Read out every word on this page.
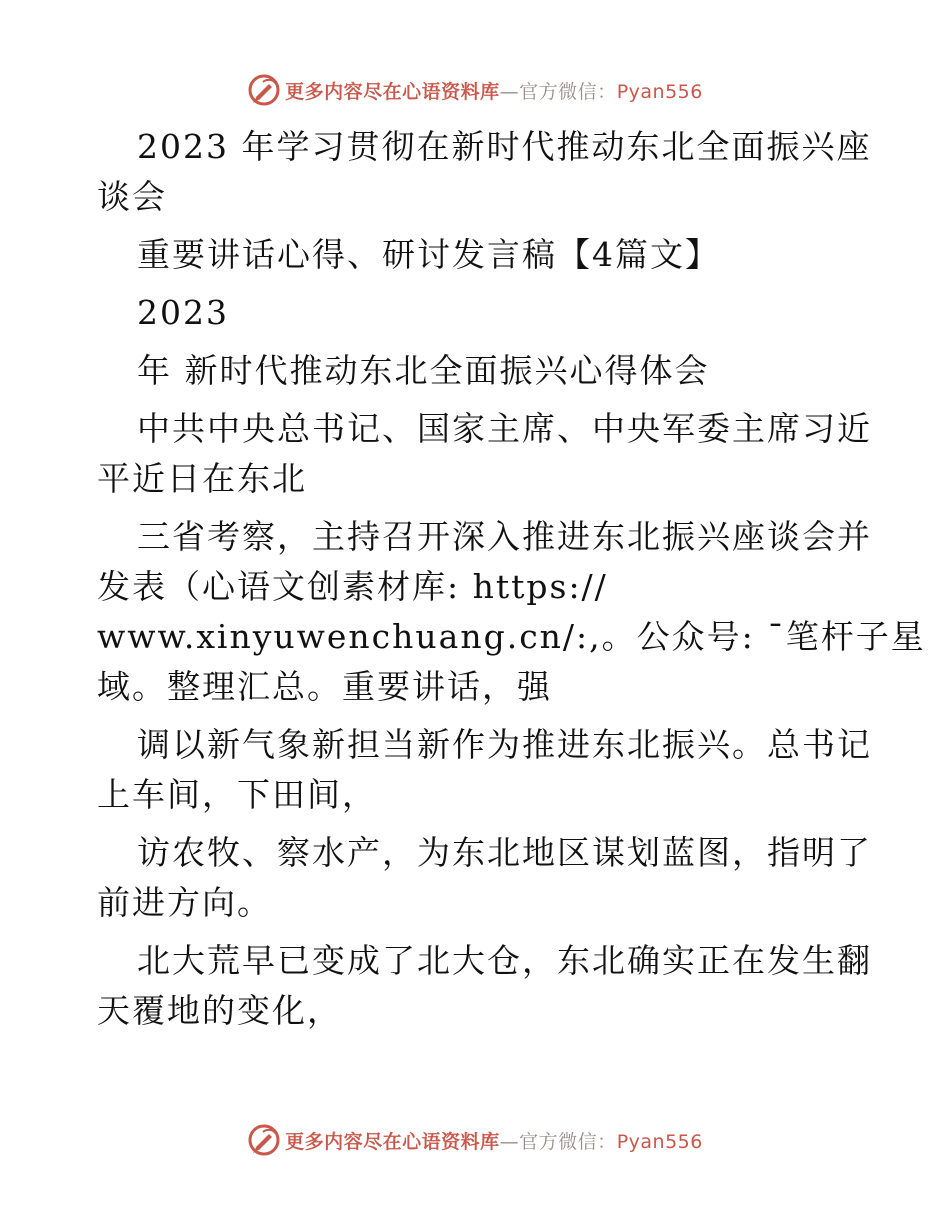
更多内容尽在心语资料库—官方微信：Pyan556
2023 年学习贯彻在新时代推动东北全面振兴座
谈会
重要讲话心得、研讨发言稿【4篇文】
2023
年 新时代推动东北全面振兴心得体会
中共中央总书记、国家主席、中央军委主席习近
平近日在东北
三省考察，主持召开深入推进东北振兴座谈会并
发表（心语文创素材库: https://
www.xinyuwenchuang.cn/:,。公众号: ¯笔杆子星
域。整理汇总。重要讲话，强
调以新气象新担当新作为推进东北振兴。总书记
上车间，下田间，
访农牧、察水产，为东北地区谋划蓝图，指明了
前进方向。
北大荒早已变成了北大仓，东北确实正在发生翻
天覆地的变化，
更多内容尽在心语资料库—官方微信：Pyan556
